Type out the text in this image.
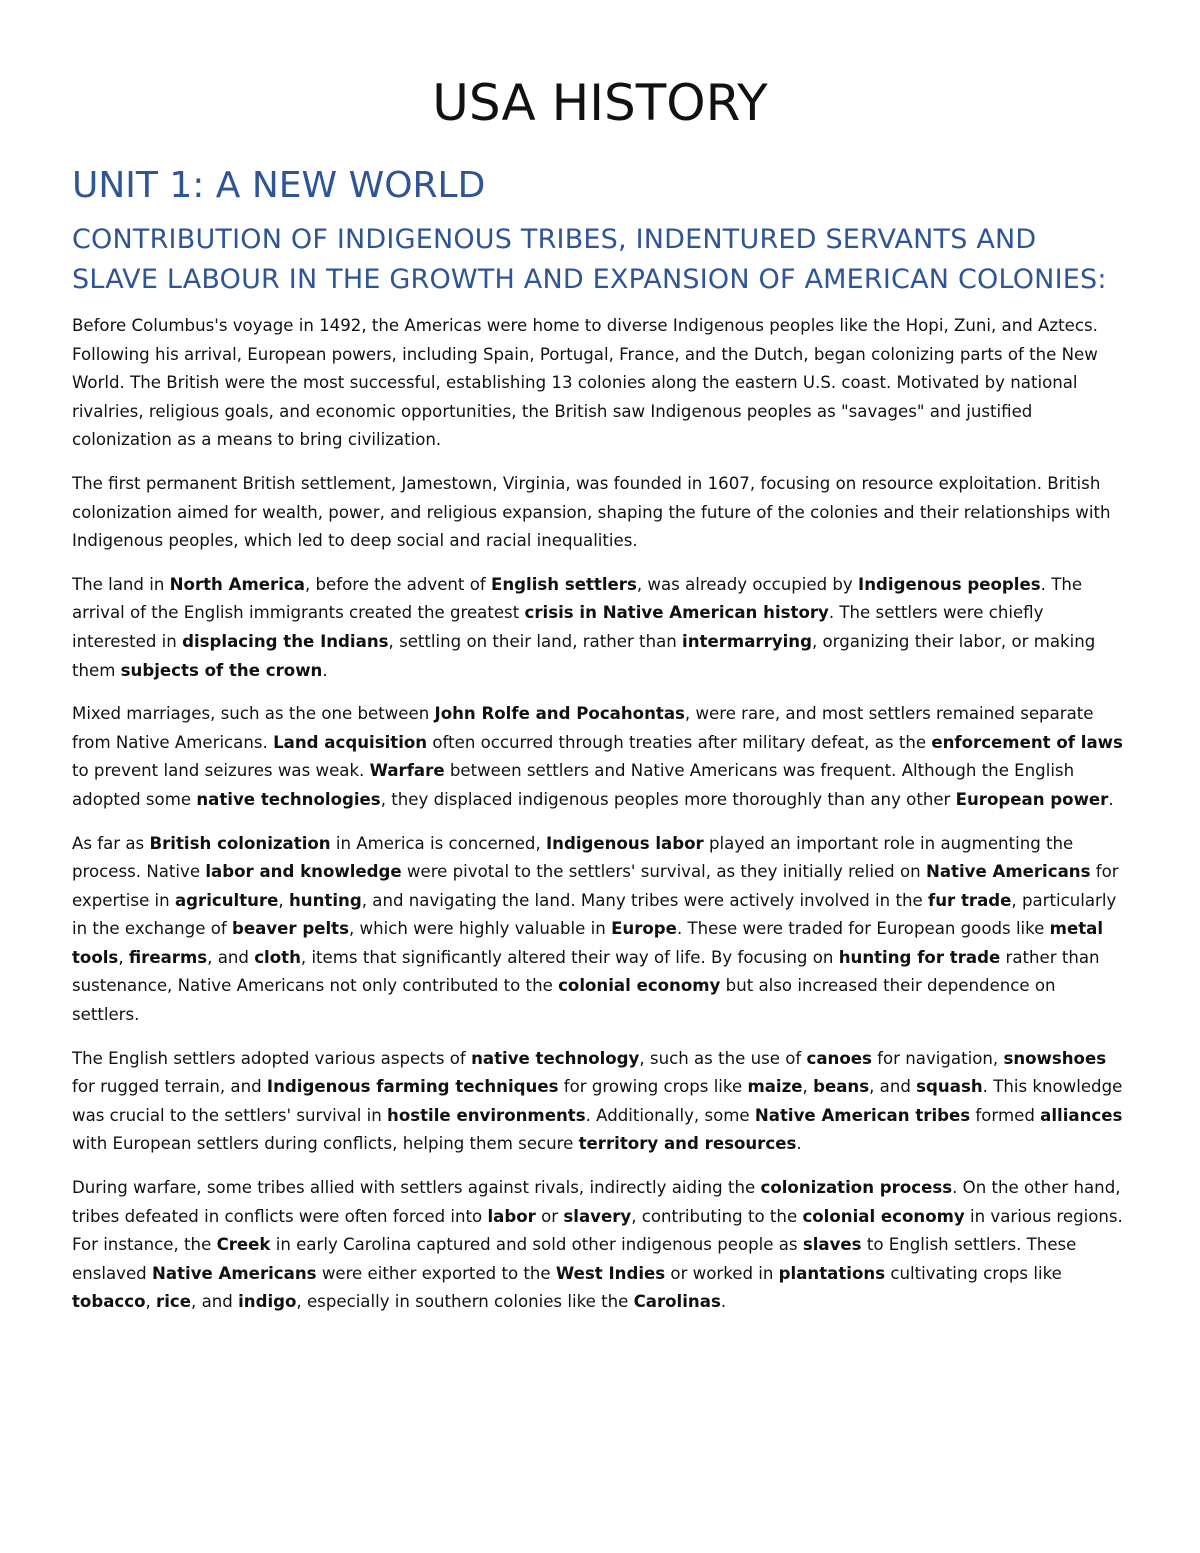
USA HISTORY
UNIT 1: A NEW WORLD
CONTRIBUTION OF INDIGENOUS TRIBES, INDENTURED SERVANTS AND SLAVE LABOUR IN THE GROWTH AND EXPANSION OF AMERICAN COLONIES:

Before Columbus's voyage in 1492, the Americas were home to diverse Indigenous peoples like the Hopi, Zuni, and Aztecs. Following his arrival, European powers, including Spain, Portugal, France, and the Dutch, began colonizing parts of the New World. The British were the most successful, establishing 13 colonies along the eastern U.S. coast. Motivated by national rivalries, religious goals, and economic opportunities, the British saw Indigenous peoples as "savages" and justified colonization as a means to bring civilization.

The first permanent British settlement, Jamestown, Virginia, was founded in 1607, focusing on resource exploitation. British colonization aimed for wealth, power, and religious expansion, shaping the future of the colonies and their relationships with Indigenous peoples, which led to deep social and racial inequalities.

The land in North America, before the advent of English settlers, was already occupied by Indigenous peoples. The arrival of the English immigrants created the greatest crisis in Native American history. The settlers were chiefly interested in displacing the Indians, settling on their land, rather than intermarrying, organizing their labor, or making them subjects of the crown.

Mixed marriages, such as the one between John Rolfe and Pocahontas, were rare, and most settlers remained separate from Native Americans. Land acquisition often occurred through treaties after military defeat, as the enforcement of laws to prevent land seizures was weak. Warfare between settlers and Native Americans was frequent. Although the English adopted some native technologies, they displaced indigenous peoples more thoroughly than any other European power.

As far as British colonization in America is concerned, Indigenous labor played an important role in augmenting the process. Native labor and knowledge were pivotal to the settlers' survival, as they initially relied on Native Americans for expertise in agriculture, hunting, and navigating the land. Many tribes were actively involved in the fur trade, particularly in the exchange of beaver pelts, which were highly valuable in Europe. These were traded for European goods like metal tools, firearms, and cloth, items that significantly altered their way of life. By focusing on hunting for trade rather than sustenance, Native Americans not only contributed to the colonial economy but also increased their dependence on settlers.

The English settlers adopted various aspects of native technology, such as the use of canoes for navigation, snowshoes for rugged terrain, and Indigenous farming techniques for growing crops like maize, beans, and squash. This knowledge was crucial to the settlers' survival in hostile environments. Additionally, some Native American tribes formed alliances with European settlers during conflicts, helping them secure territory and resources.

During warfare, some tribes allied with settlers against rivals, indirectly aiding the colonization process. On the other hand, tribes defeated in conflicts were often forced into labor or slavery, contributing to the colonial economy in various regions. For instance, the Creek in early Carolina captured and sold other indigenous people as slaves to English settlers. These enslaved Native Americans were either exported to the West Indies or worked in plantations cultivating crops like tobacco, rice, and indigo, especially in southern colonies like the Carolinas.
